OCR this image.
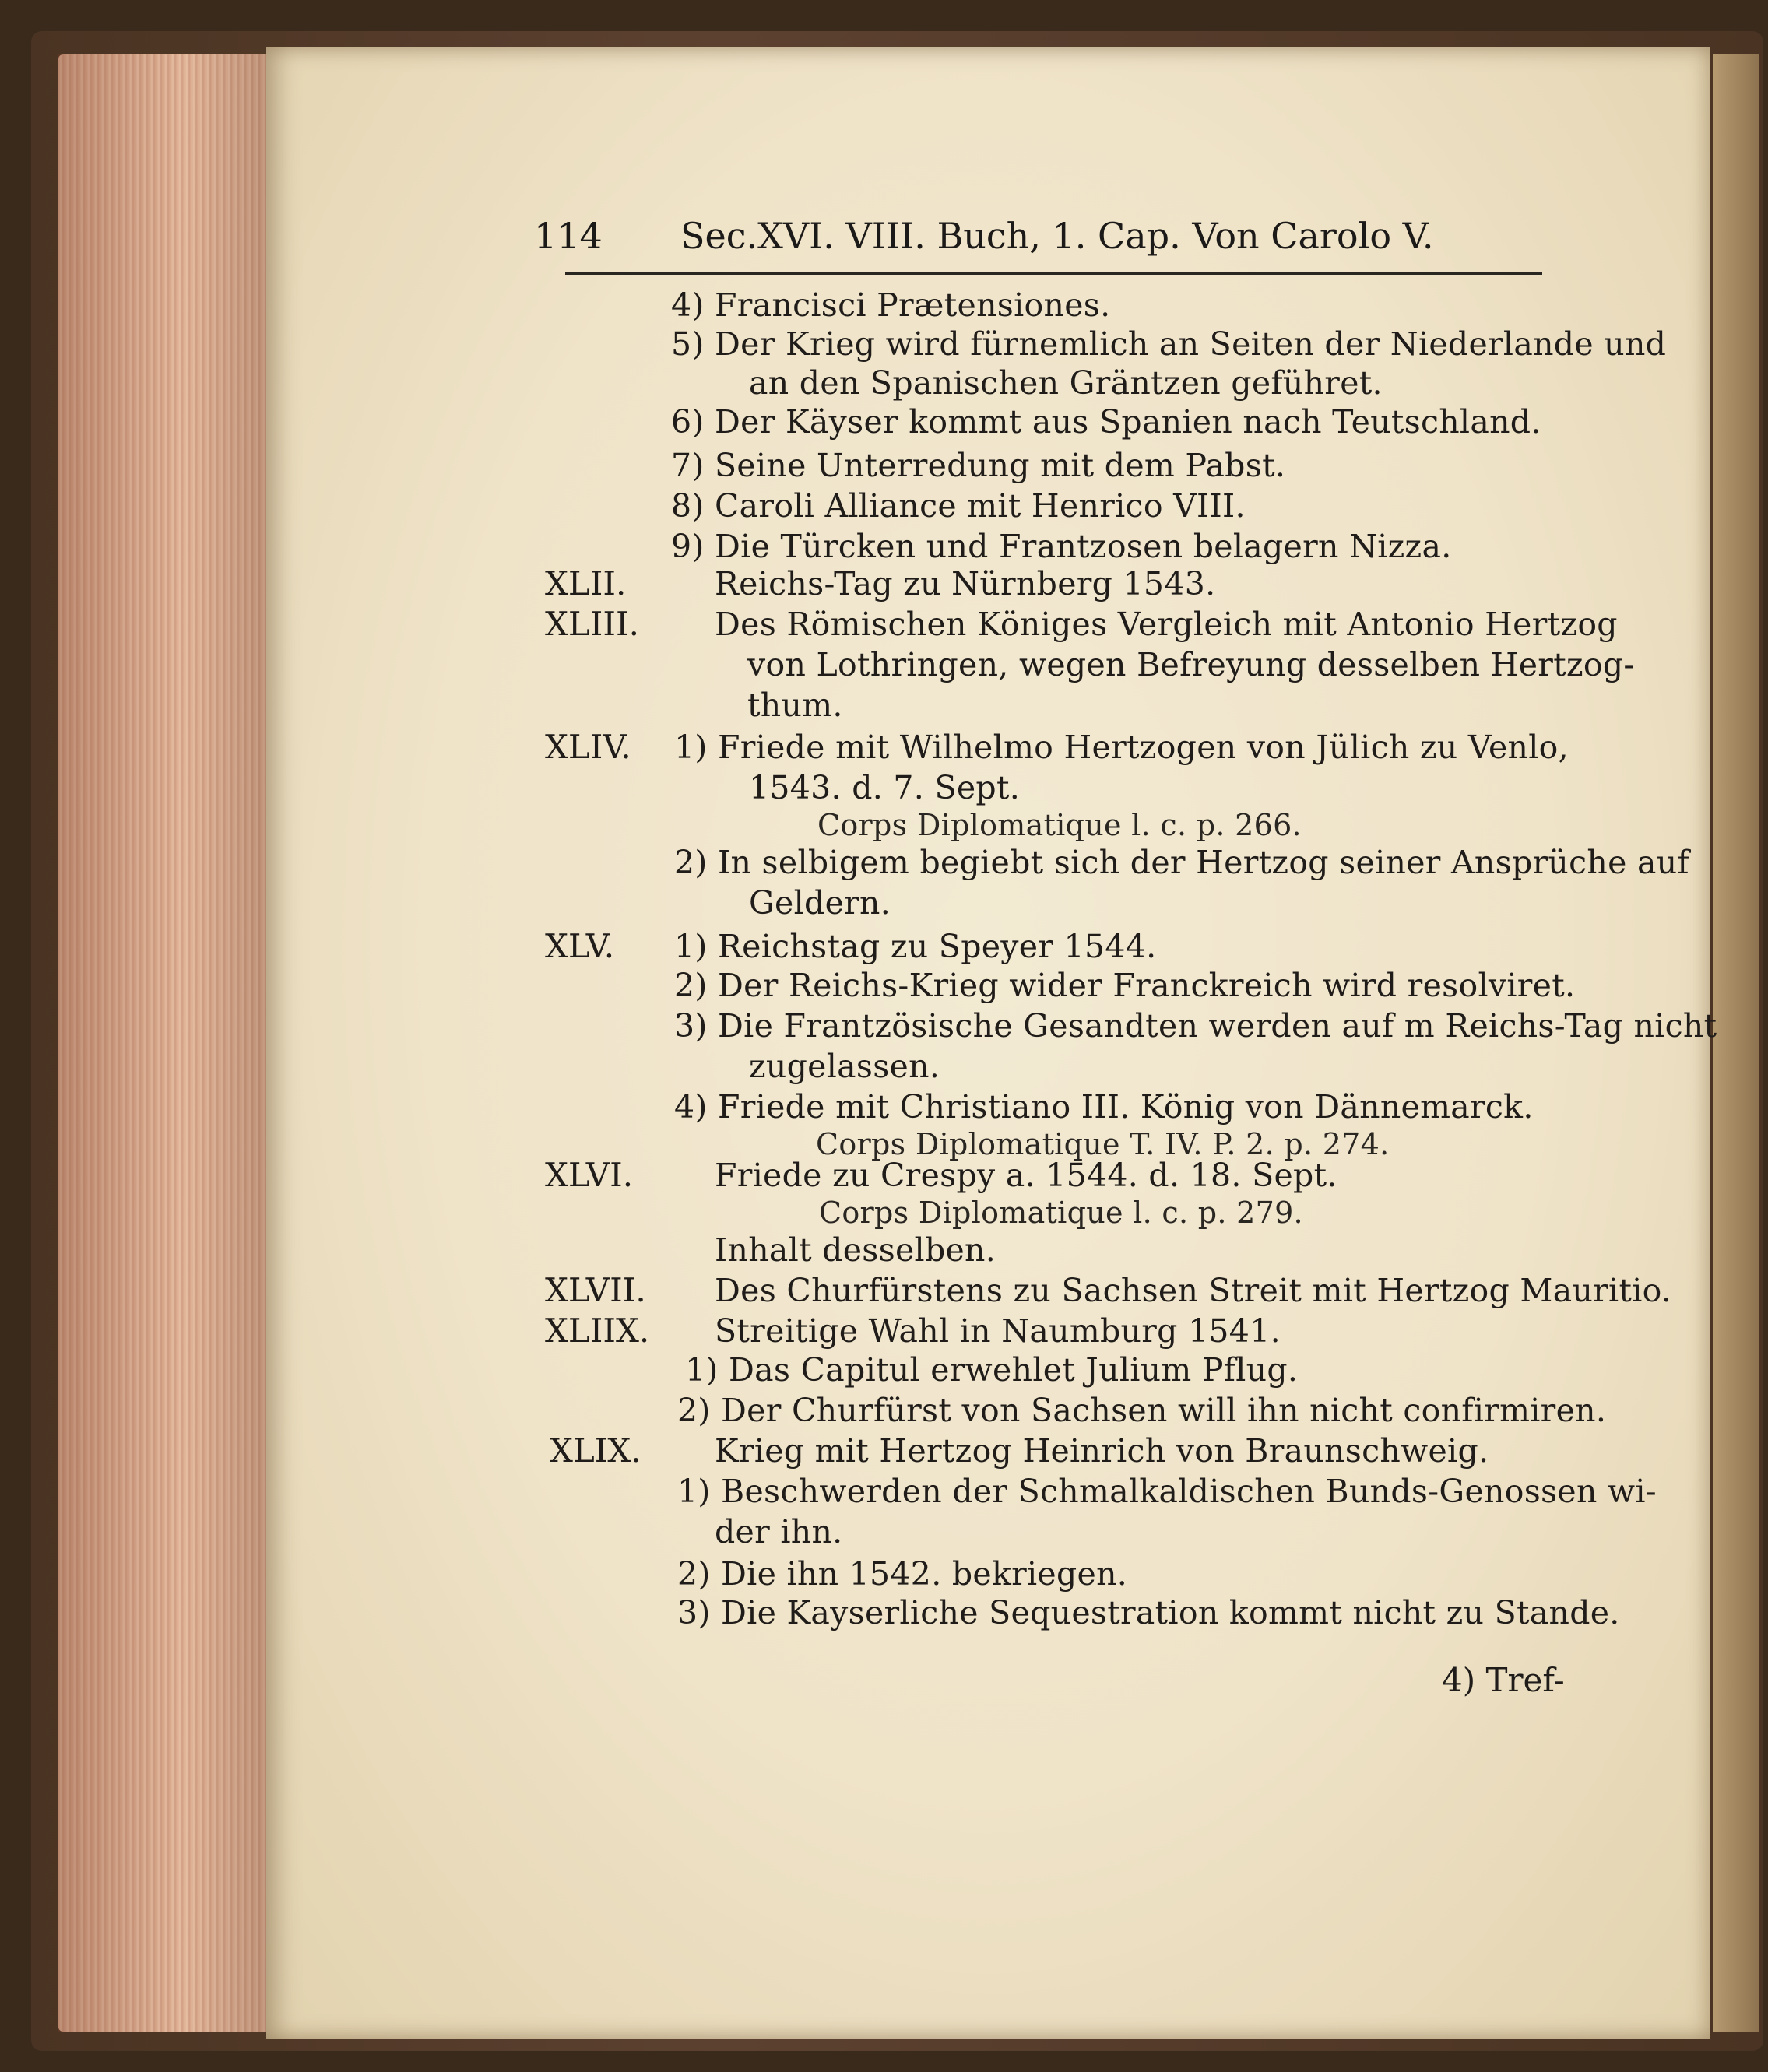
114 Sec.XVI. VIII. Buch, 1. Cap. Von Carolo V.
4) Francisci Prætensiones.
5) Der Krieg wird fürnemlich an Seiten der Niederlande und
an den Spanischen Gräntzen geführet.
6) Der Käyser kommt aus Spanien nach Teutschland.
7) Seine Unterredung mit dem Pabst.
8) Caroli Alliance mit Henrico VIII.
9) Die Türcken und Frantzosen belagern Nizza.
XLII.	Reichs-Tag zu Nürnberg 1543.
XLIII. Des Römischen Königes Vergleich mit Antonio Hertzog
von Lothringen, wegen Befreyung desselben Hertzog-
thum.
XLIV. 1) Friede mit Wilhelmo Hertzogen von Jülich zu Venlo,
1543. d. 7. Sept.
Corps Diplomatique l. c. p. 266.
2) In selbigem begiebt sich der Hertzog seiner Ansprüche auf
Geldern.
XLV. 1) Reichstag zu Speyer 1544.
2) Der Reichs-Krieg wider Franckreich wird resolviret.
3) Die Frantzösische Gesandten werden auf m Reichs-Tag nicht
zugelassen.
4) Friede mit Christiano III. König von Dännemarck.
Corps Diplomatique T. IV. P. 2. p. 274.
XLVI.	Friede zu Crespy a. 1544. d. 18. Sept.
Corps Diplomatique l. c. p. 279.
Inhalt desselben.
XLVII. Des Churfürstens zu Sachsen Streit mit Hertzog Mauritio.
XLIIX. Streitige Wahl in Naumburg 1541.
1) Das Capitul erwehlet Julium Pflug.
2) Der Churfürst von Sachsen will ihn nicht confirmiren.
XLIX. Krieg mit Hertzog Heinrich von Braunschweig.
1) Beschwerden der Schmalkaldischen Bunds-Genossen wi-
der ihn.
2) Die ihn 1542. bekriegen.
3) Die Kayserliche Sequestration kommt nicht zu Stande.
4) Tref-
